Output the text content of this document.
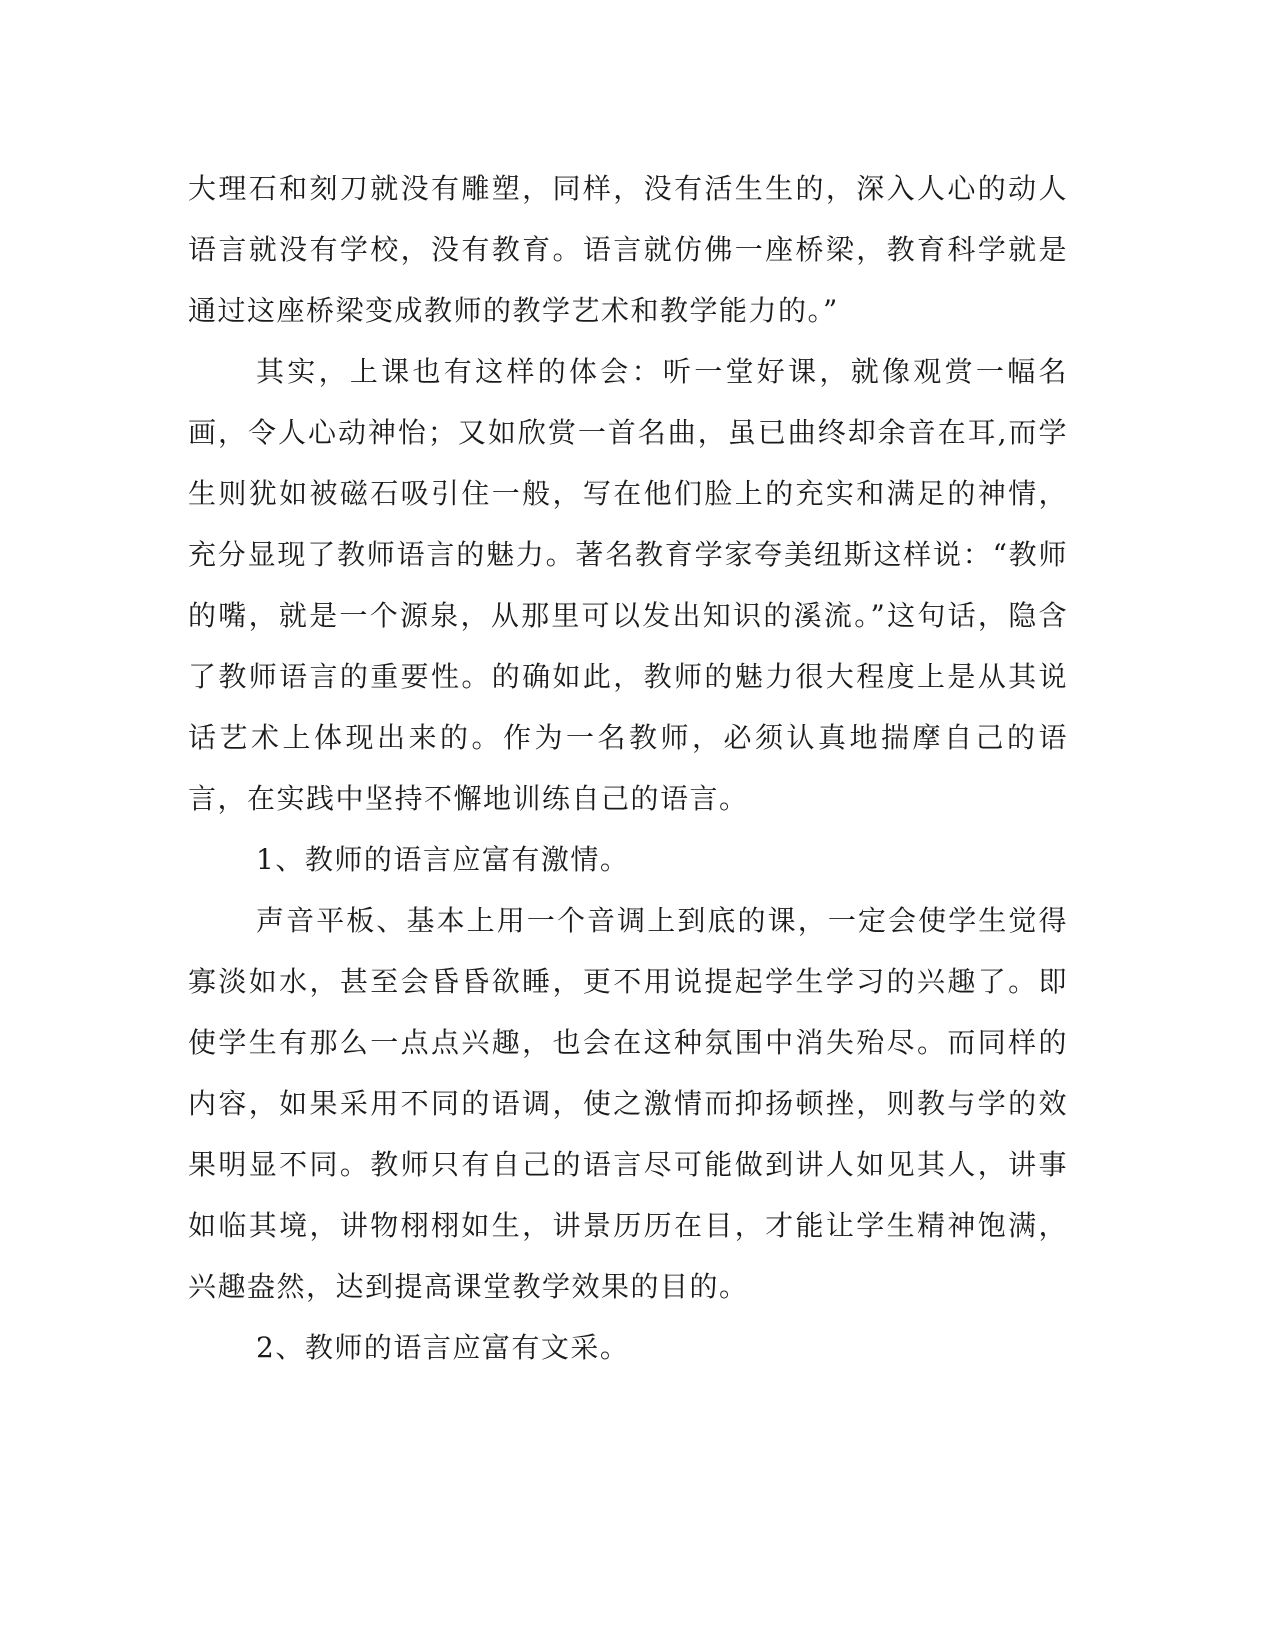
大理石和刻刀就没有雕塑，同样，没有活生生的，深入人心的动人语言就没有学校，没有教育。语言就仿佛一座桥梁，教育科学就是通过这座桥梁变成教师的教学艺术和教学能力的。”

其实，上课也有这样的体会：听一堂好课，就像观赏一幅名画，令人心动神怡；又如欣赏一首名曲，虽已曲终却余音在耳,而学生则犹如被磁石吸引住一般，写在他们脸上的充实和满足的神情，充分显现了教师语言的魅力。著名教育学家夸美纽斯这样说：“教师的嘴，就是一个源泉，从那里可以发出知识的溪流。”这句话，隐含了教师语言的重要性。的确如此，教师的魅力很大程度上是从其说话艺术上体现出来的。作为一名教师，必须认真地揣摩自己的语言，在实践中坚持不懈地训练自己的语言。

1、教师的语言应富有激情。

声音平板、基本上用一个音调上到底的课，一定会使学生觉得寡淡如水，甚至会昏昏欲睡，更不用说提起学生学习的兴趣了。即使学生有那么一点点兴趣，也会在这种氛围中消失殆尽。而同样的内容，如果采用不同的语调，使之激情而抑扬顿挫，则教与学的效果明显不同。教师只有自己的语言尽可能做到讲人如见其人，讲事如临其境，讲物栩栩如生，讲景历历在目，才能让学生精神饱满，兴趣盎然，达到提高课堂教学效果的目的。

2、教师的语言应富有文采。
